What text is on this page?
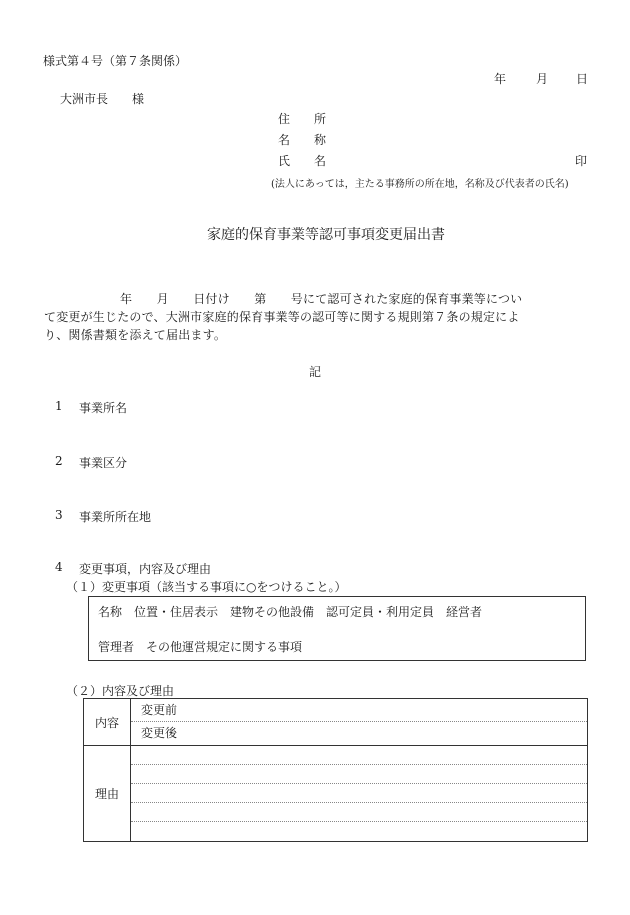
様式第４号（第７条関係）
年 月 日
大洲市長　　様
住　　所
名　　称
氏　　名	印
(法人にあっては，主たる事務所の所在地，名称及び代表者の氏名)
家庭的保育事業等認可事項変更届出書
年　　月　　日付け　　第　　号にて認可された家庭的保育事業等につい
て変更が生じたので、大洲市家庭的保育事業等の認可等に関する規則第７条の規定によ
り、関係書類を添えて届出ます。
記
1 事業所名
2 事業区分
3 事業所所在地
4 変更事項，内容及び理由
（１）変更事項（該当する事項に○をつけること。）
名称　位置・住居表示　建物その他設備　認可定員・利用定員　経営者
管理者　その他運営規定に関する事項
（２）内容及び理由
内容	変更前
変更後

理由	
